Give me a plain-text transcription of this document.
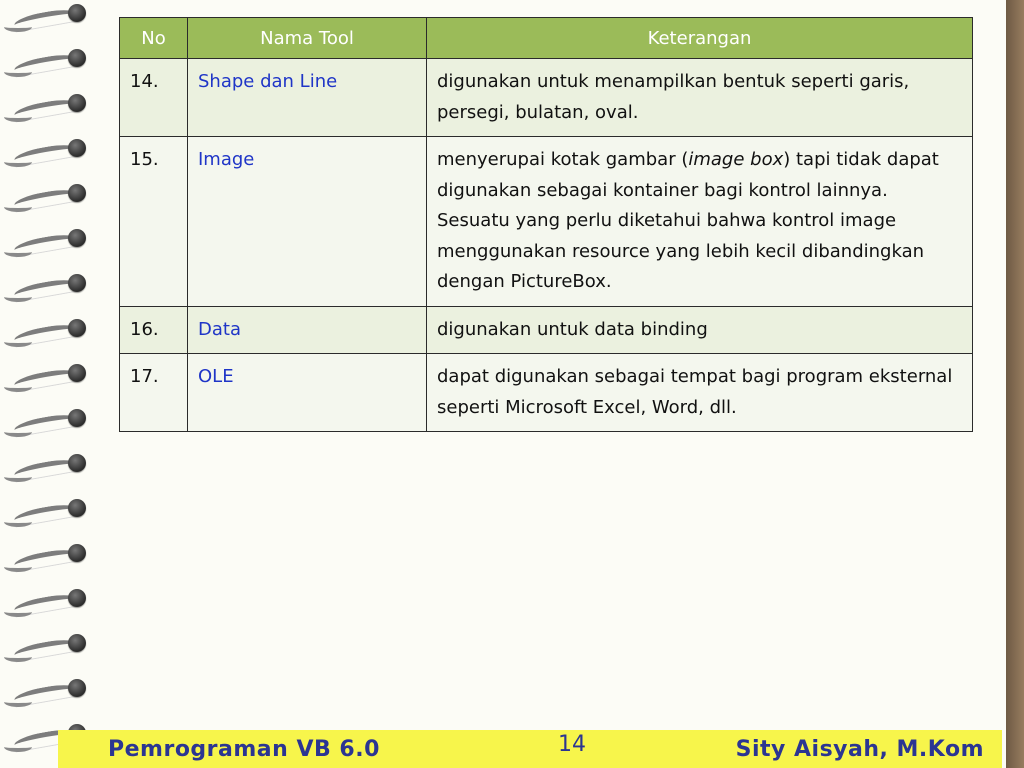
No	Nama Tool	Keterangan
14.	Shape dan Line	digunakan untuk menampilkan bentuk seperti garis, persegi, bulatan, oval.
15.	Image	menyerupai kotak gambar (image box) tapi tidak dapat digunakan sebagai kontainer bagi kontrol lainnya. Sesuatu yang perlu diketahui bahwa kontrol image menggunakan resource yang lebih kecil dibandingkan dengan PictureBox.
16.	Data	digunakan untuk data binding
17.	OLE	dapat digunakan sebagai tempat bagi program eksternal seperti Microsoft Excel, Word, dll.
Pemrograman VB 6.0	14	Sity Aisyah, M.Kom
